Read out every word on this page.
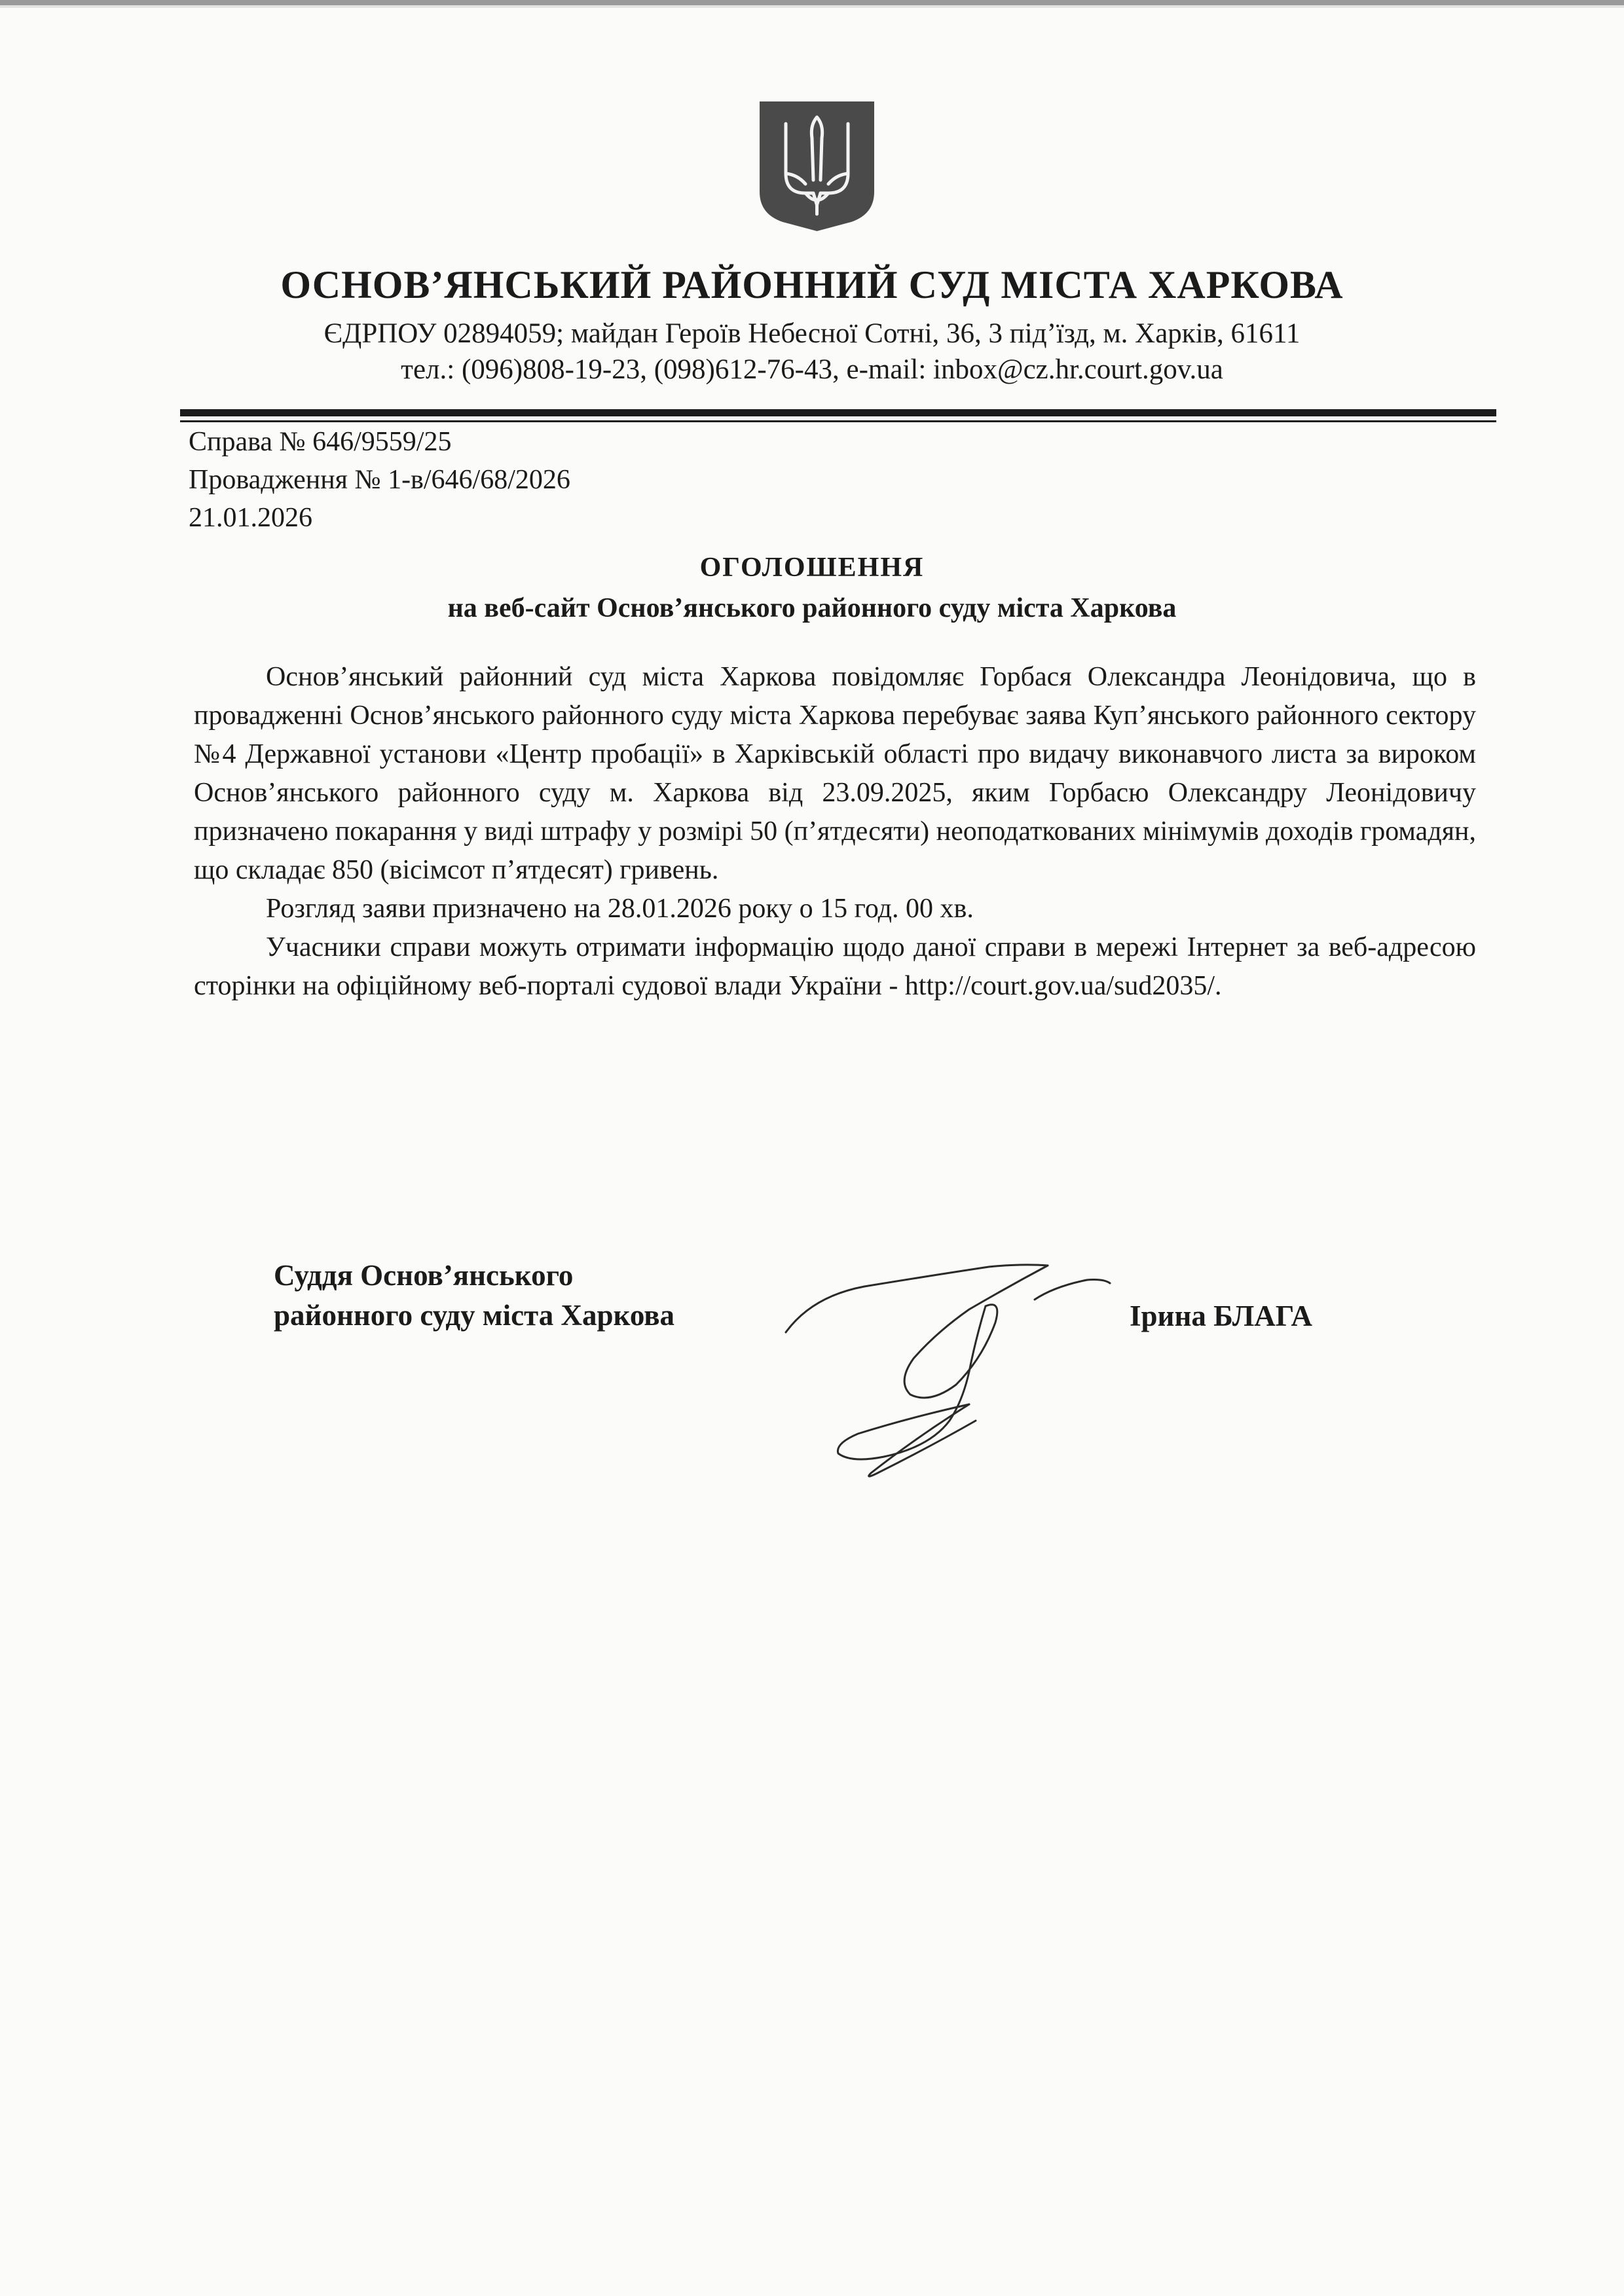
ОСНОВ’ЯНСЬКИЙ РАЙОННИЙ СУД МІСТА ХАРКОВА
ЄДРПОУ 02894059; майдан Героїв Небесної Сотні, 36, 3 під’їзд, м. Харків, 61611
тел.: (096)808-19-23, (098)612-76-43, e-mail: inbox@cz.hr.court.gov.ua
Справа № 646/9559/25
Провадження № 1-в/646/68/2026
21.01.2026
ОГОЛОШЕННЯ
на веб-сайт Основ’янського районного суду міста Харкова

Основ’янський районний суд міста Харкова повідомляє Горбася Олександра Леонідовича, що в провадженні Основ’янського районного суду міста Харкова перебуває заява Куп’янського районного сектору №4 Державної установи «Центр пробації» в Харківській області про видачу виконавчого листа за вироком Основ’янського районного суду м. Харкова від 23.09.2025, яким Горбасю Олександру Леонідовичу призначено покарання у виді штрафу у розмірі 50 (п’ятдесяти) неоподаткованих мінімумів доходів громадян, що складає 850 (вісімсот п’ятдесят) гривень.

Розгляд заяви призначено на 28.01.2026 року о 15 год. 00 хв.

Учасники справи можуть отримати інформацію щодо даної справи в мережі Інтернет за веб-адресою сторінки на офіційному веб-порталі судової влади України - http://court.gov.ua/sud2035/.

Суддя Основ’янського
районного суду міста Харкова	Ірина БЛАГА
